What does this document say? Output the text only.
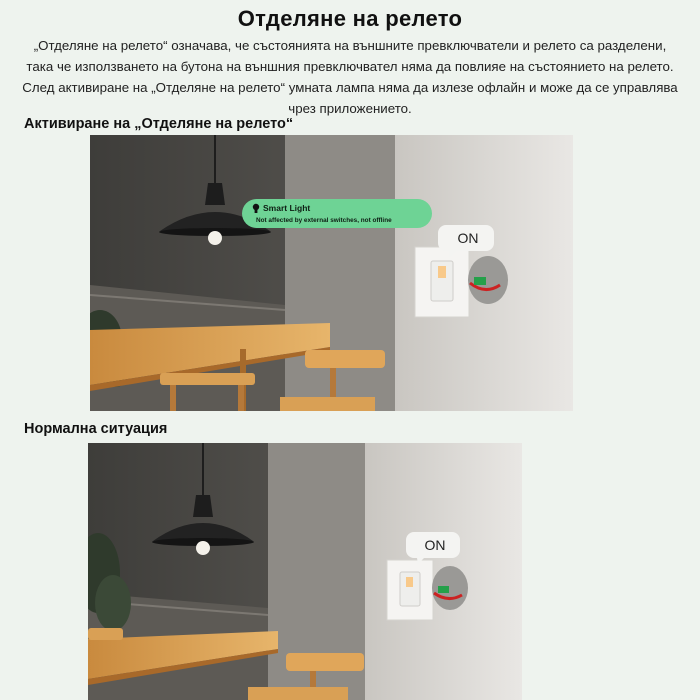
Отделяне на релето

„Отделяне на релето“ означава, че състоянията на външните превключватели и релето са разделени,

така че използването на бутона на външния превключвател няма да повлияе на състоянието на релето.

След активиране на „Отделяне на релето“ умната лампа няма да излезе офлайн и може да се управлява

чрез приложението.

Активиране на „Отделяне на релето“
ON
Smart Light
Not affected by external switches, not offline
Нормална ситуация
ON
